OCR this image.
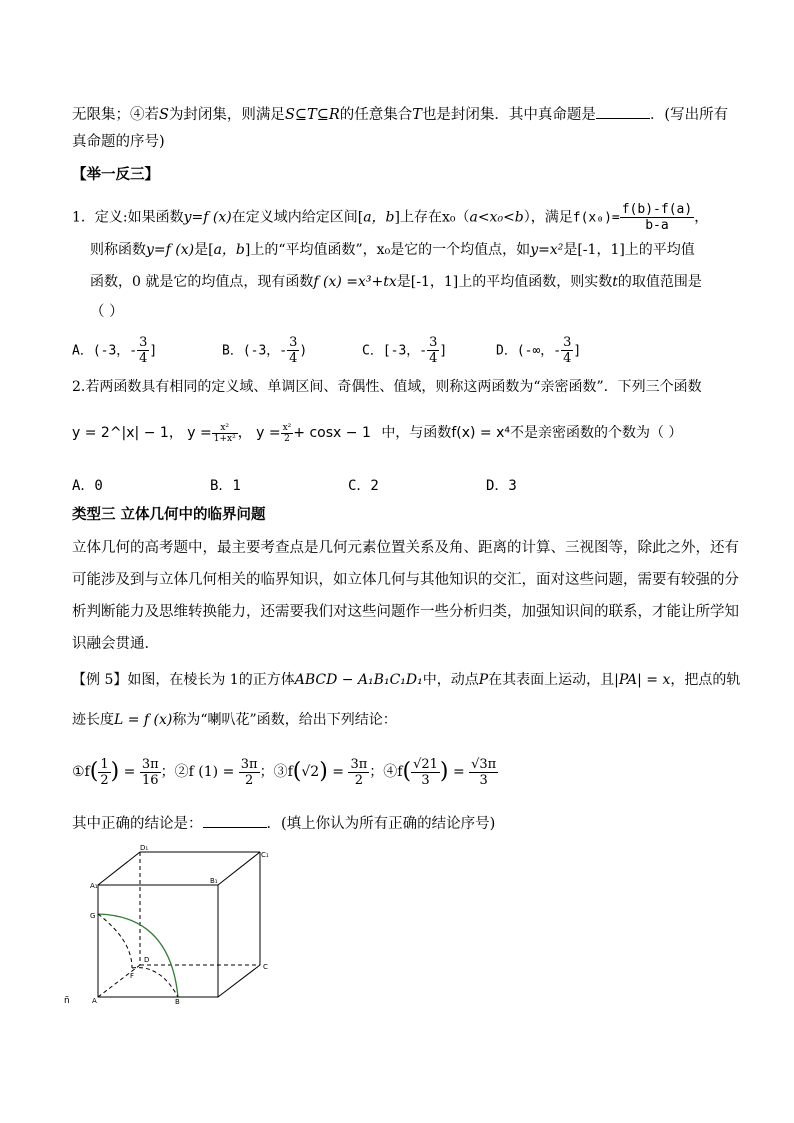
无限集；④若S为封闭集，则满足S⊆T⊆R的任意集合T也是封闭集．其中真命题是	．(写出所有
真命题的序号)
【举一反三】
1．定义:如果函数y=f (x)在定义域内给定区间[a，b]上存在x₀（a<x₀<b），满足$f(x_0)= \frac{f(b)-f(a)}{b-a}$ ，
则称函数y=f (x)是[a，b]上的“平均值函数”，x₀是它的一个均值点，如y=x²是[-1，1]上的平均值
函数，0 就是它的均值点，现有函数f (x) =x³+tx是[-1，1]上的平均值函数，则实数t的取值范围是
（ ）
A．(-3，- $\frac{3}{4}$ ]	B．(-3，- $\frac{3}{4}$ )	C．[-3，- $\frac{3}{4}$ ]	D．(-∞，- $\frac{3}{4}$ ]
2.若两函数具有相同的定义域、单调区间、奇偶性、值域，则称这两函数为“亲密函数”．下列三个函数
y = 2^|x| − 1， $y = \frac{\text{x²}}{\text{1+x²}}$ ， $y = \frac{\text{x²}}{2} + \cos x - 1$ 中，与函数f(x) = x⁴不是亲密函数的个数为（ ）
A．0	B．1	C．2	D．3
类型三 立体几何中的临界问题
立体几何的高考题中，最主要考查点是几何元素位置关系及角、距离的计算、三视图等，除此之外，还有
可能涉及到与立体几何相关的临界知识，如立体几何与其他知识的交汇，面对这些问题，需要有较强的分
析判断能力及思维转换能力，还需要我们对这些问题作一些分析归类，加强知识间的联系，才能让所学知
识融会贯通．
【例 5】如图，在棱长为 1的正方体ABCD − A₁B₁C₁D₁中，动点P在其表面上运动，且|PA| = x，把点的轨
迹长度L = f (x)称为“喇叭花”函数，给出下列结论：
①f( $\frac{1}{2}$ ) = $\frac{3\pi}{16}$ ；②f $(1) = \frac{3\pi}{2}$ ；③f(√2) = $\frac{3\pi}{2}$ ；④f( $\frac{√21}{3}$ ) = $\frac{√3\pi}{3}$
其中正确的结论是：	．(填上你认为所有正确的结论序号)
D₁
C₁
A₁
B₁
G
D
C
F
A	B
ñ
